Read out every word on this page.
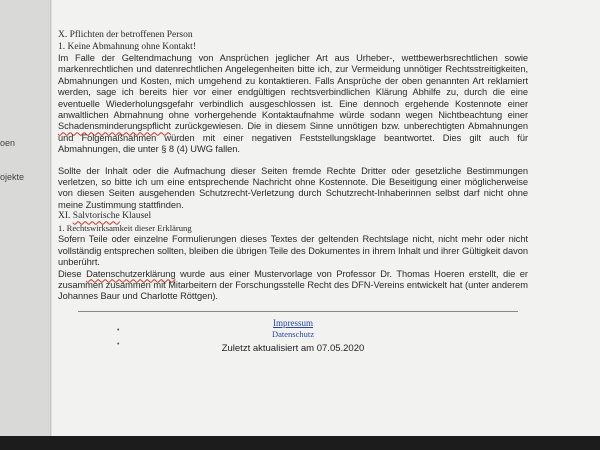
oen
ojekte

X. Pflichten der betroffenen Person

1. Keine Abmahnung ohne Kontakt!

Im Falle der Geltendmachung von Ansprüchen jeglicher Art aus Urheber-, wettbewerbsrechtlichen sowie markenrechtlichen und datenrechtlichen Angelegenheiten bitte ich, zur Vermeidung unnötiger Rechtsstreitigkeiten, Abmahnungen und Kosten, mich umgehend zu kontaktieren. Falls Ansprüche der oben genannten Art reklamiert werden, sage ich bereits hier vor einer endgültigen rechtsverbindlichen Klärung Abhilfe zu, durch die eine eventuelle Wiederholungsgefahr verbindlich ausgeschlossen ist. Eine dennoch ergehende Kostennote einer anwaltlichen Abmahnung ohne vorhergehende Kontaktaufnahme würde sodann wegen Nichtbeachtung einer Schadensminderungspflicht zurückgewiesen. Die in diesem Sinne unnötigen bzw. unberechtigten Abmahnungen und Folgemaßnahmen würden mit einer negativen Feststellungsklage beantwortet. Dies gilt auch für Abmahnungen, die unter § 8 (4) UWG fallen.

Sollte der Inhalt oder die Aufmachung dieser Seiten fremde Rechte Dritter oder gesetzliche Bestimmungen verletzen, so bitte ich um eine entsprechende Nachricht ohne Kostennote. Die Beseitigung einer möglicherweise von diesen Seiten ausgehenden Schutzrecht-Verletzung durch Schutzrecht-Inhaberinnen selbst darf nicht ohne meine Zustimmung stattfinden.

XI. Salvtorische Klausel

1. Rechtswirksamkeit dieser Erklärung

Sofern Teile oder einzelne Formulierungen dieses Textes der geltenden Rechtslage nicht, nicht mehr oder nicht vollständig entsprechen sollten, bleiben die übrigen Teile des Dokumentes in ihrem Inhalt und ihrer Gültigkeit davon unberührt.

Diese Datenschutzerklärung wurde aus einer Mustervorlage von Professor Dr. Thomas Hoeren erstellt, die er zusammen zusammen mit Mitarbeitern der Forschungsstelle Recht des DFN-Vereins entwickelt hat (unter anderem Johannes Baur und Charlotte Röttgen).

Impressum
Datenschutz
Zuletzt aktualisiert am 07.05.2020
•
•
